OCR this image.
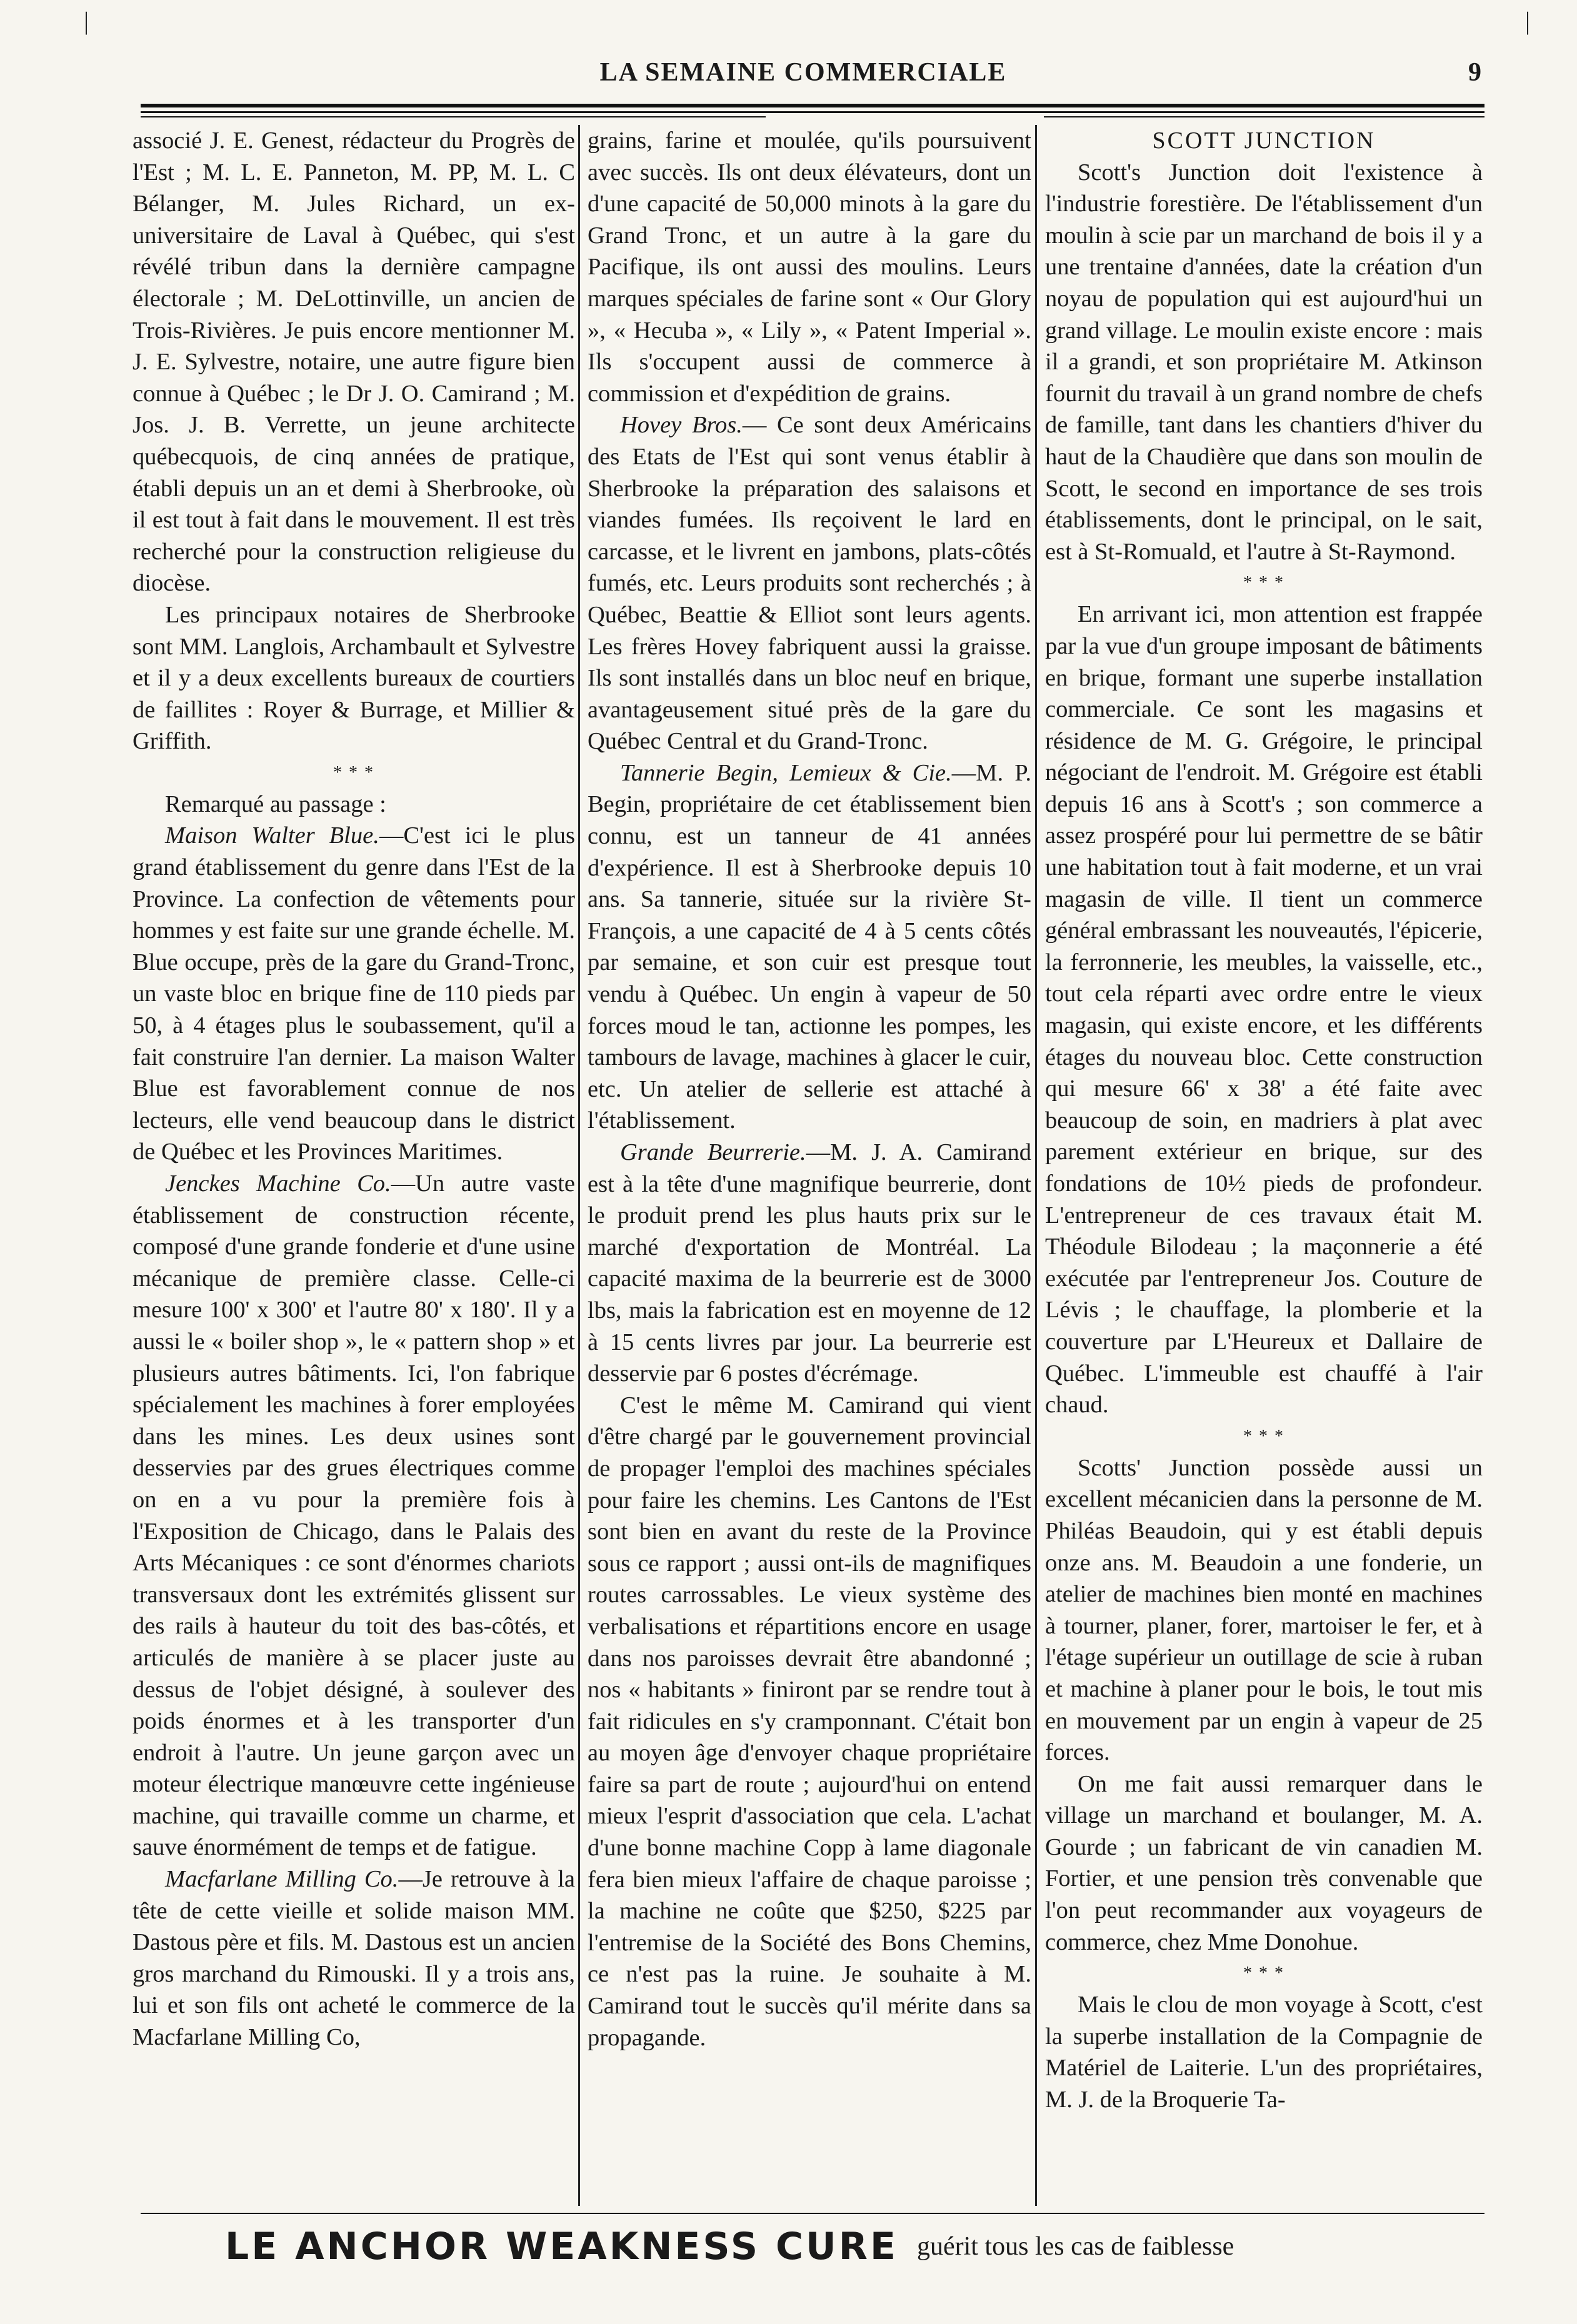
|	|
LA SEMAINE COMMERCIALE	9

associé J. E. Genest, rédacteur du Progrès de l'Est ; M. L. E. Panneton, M. PP, M. L. C Bélanger, M. Jules Richard, un ex-universitaire de Laval à Québec, qui s'est révélé tribun dans la dernière campagne électorale ; M. DeLottinville, un ancien de Trois-Rivières. Je puis encore mentionner M. J. E. Sylvestre, notaire, une autre figure bien connue à Québec ; le Dr J. O. Camirand ; M. Jos. J. B. Verrette, un jeune architecte québecquois, de cinq années de pratique, établi depuis un an et demi à Sherbrooke, où il est tout à fait dans le mouvement. Il est très recherché pour la construction religieuse du diocèse.

Les principaux notaires de Sherbrooke sont MM. Langlois, Archambault et Sylvestre et il y a deux excellents bureaux de courtiers de faillites : Royer & Burrage, et Millier & Griffith.

* * *

Remarqué au passage :

Maison Walter Blue.—C'est ici le plus grand établissement du genre dans l'Est de la Province. La confection de vêtements pour hommes y est faite sur une grande échelle. M. Blue occupe, près de la gare du Grand-Tronc, un vaste bloc en brique fine de 110 pieds par 50, à 4 étages plus le soubassement, qu'il a fait construire l'an dernier. La maison Walter Blue est favorablement connue de nos lecteurs, elle vend beaucoup dans le district de Québec et les Provinces Maritimes.

Jenckes Machine Co.—Un autre vaste établissement de construction récente, composé d'une grande fonderie et d'une usine mécanique de première classe. Celle-ci mesure 100' x 300' et l'autre 80' x 180'. Il y a aussi le « boiler shop », le « pattern shop » et plusieurs autres bâtiments. Ici, l'on fabrique spécialement les machines à forer employées dans les mines. Les deux usines sont desservies par des grues électriques comme on en a vu pour la première fois à l'Exposition de Chicago, dans le Palais des Arts Mécaniques : ce sont d'énormes chariots transversaux dont les extrémités glissent sur des rails à hauteur du toit des bas-côtés, et articulés de manière à se placer juste au dessus de l'objet désigné, à soulever des poids énormes et à les transporter d'un endroit à l'autre. Un jeune garçon avec un moteur électrique manœuvre cette ingénieuse machine, qui travaille comme un charme, et sauve énormément de temps et de fatigue.

Macfarlane Milling Co.—Je retrouve à la tête de cette vieille et solide maison MM. Dastous père et fils. M. Dastous est un ancien gros marchand du Rimouski. Il y a trois ans, lui et son fils ont acheté le commerce de la Macfarlane Milling Co,

grains, farine et moulée, qu'ils poursuivent avec succès. Ils ont deux élévateurs, dont un d'une capacité de 50,000 minots à la gare du Grand Tronc, et un autre à la gare du Pacifique, ils ont aussi des moulins. Leurs marques spéciales de farine sont « Our Glory », « Hecuba », « Lily », « Patent Imperial ». Ils s'occupent aussi de commerce à commission et d'expédition de grains.

Hovey Bros.— Ce sont deux Américains des Etats de l'Est qui sont venus établir à Sherbrooke la préparation des salaisons et viandes fumées. Ils reçoivent le lard en carcasse, et le livrent en jambons, plats-côtés fumés, etc. Leurs produits sont recherchés ; à Québec, Beattie & Elliot sont leurs agents. Les frères Hovey fabriquent aussi la graisse. Ils sont installés dans un bloc neuf en brique, avantageusement situé près de la gare du Québec Central et du Grand-Tronc.

Tannerie Begin, Lemieux & Cie.—M. P. Begin, propriétaire de cet établissement bien connu, est un tanneur de 41 années d'expérience. Il est à Sherbrooke depuis 10 ans. Sa tannerie, située sur la rivière St-François, a une capacité de 4 à 5 cents côtés par semaine, et son cuir est presque tout vendu à Québec. Un engin à vapeur de 50 forces moud le tan, actionne les pompes, les tambours de lavage, machines à glacer le cuir, etc. Un atelier de sellerie est attaché à l'établissement.

Grande Beurrerie.—M. J. A. Camirand est à la tête d'une magnifique beurrerie, dont le produit prend les plus hauts prix sur le marché d'exportation de Montréal. La capacité maxima de la beurrerie est de 3000 lbs, mais la fabrication est en moyenne de 12 à 15 cents livres par jour. La beurrerie est desservie par 6 postes d'écrémage.

C'est le même M. Camirand qui vient d'être chargé par le gouvernement provincial de propager l'emploi des machines spéciales pour faire les chemins. Les Cantons de l'Est sont bien en avant du reste de la Province sous ce rapport ; aussi ont-ils de magnifiques routes carrossables. Le vieux système des verbalisations et répartitions encore en usage dans nos paroisses devrait être abandonné ; nos « habitants » finiront par se rendre tout à fait ridicules en s'y cramponnant. C'était bon au moyen âge d'envoyer chaque propriétaire faire sa part de route ; aujourd'hui on entend mieux l'esprit d'association que cela. L'achat d'une bonne machine Copp à lame diagonale fera bien mieux l'affaire de chaque paroisse ; la machine ne coûte que $250, $225 par l'entremise de la Société des Bons Chemins, ce n'est pas la ruine. Je souhaite à M. Camirand tout le succès qu'il mérite dans sa propagande.

SCOTT JUNCTION

Scott's Junction doit l'existence à l'industrie forestière. De l'établissement d'un moulin à scie par un marchand de bois il y a une trentaine d'années, date la création d'un noyau de population qui est aujourd'hui un grand village. Le moulin existe encore : mais il a grandi, et son propriétaire M. Atkinson fournit du travail à un grand nombre de chefs de famille, tant dans les chantiers d'hiver du haut de la Chaudière que dans son moulin de Scott, le second en importance de ses trois établissements, dont le principal, on le sait, est à St-Romuald, et l'autre à St-Raymond.

* * *

En arrivant ici, mon attention est frappée par la vue d'un groupe imposant de bâtiments en brique, formant une superbe installation commerciale. Ce sont les magasins et résidence de M. G. Grégoire, le principal négociant de l'endroit. M. Grégoire est établi depuis 16 ans à Scott's ; son commerce a assez prospéré pour lui permettre de se bâtir une habitation tout à fait moderne, et un vrai magasin de ville. Il tient un commerce général embrassant les nouveautés, l'épicerie, la ferronnerie, les meubles, la vaisselle, etc., tout cela réparti avec ordre entre le vieux magasin, qui existe encore, et les différents étages du nouveau bloc. Cette construction qui mesure 66' x 38' a été faite avec beaucoup de soin, en madriers à plat avec parement extérieur en brique, sur des fondations de 10½ pieds de profondeur. L'entrepreneur de ces travaux était M. Théodule Bilodeau ; la maçonnerie a été exécutée par l'entrepreneur Jos. Couture de Lévis ; le chauffage, la plomberie et la couverture par L'Heureux et Dallaire de Québec. L'immeuble est chauffé à l'air chaud.

* * *

Scotts' Junction possède aussi un excellent mécanicien dans la personne de M. Philéas Beaudoin, qui y est établi depuis onze ans. M. Beaudoin a une fonderie, un atelier de machines bien monté en machines à tourner, planer, forer, martoiser le fer, et à l'étage supérieur un outillage de scie à ruban et machine à planer pour le bois, le tout mis en mouvement par un engin à vapeur de 25 forces.

On me fait aussi remarquer dans le village un marchand et boulanger, M. A. Gourde ; un fabricant de vin canadien M. Fortier, et une pension très convenable que l'on peut recommander aux voyageurs de commerce, chez Mme Donohue.

* * *

Mais le clou de mon voyage à Scott, c'est la superbe installation de la Compagnie de Matériel de Laiterie. L'un des propriétaires, M. J. de la Broquerie Ta-

LE ANCHOR WEAKNESS CURE guérit tous les cas de faiblesse
